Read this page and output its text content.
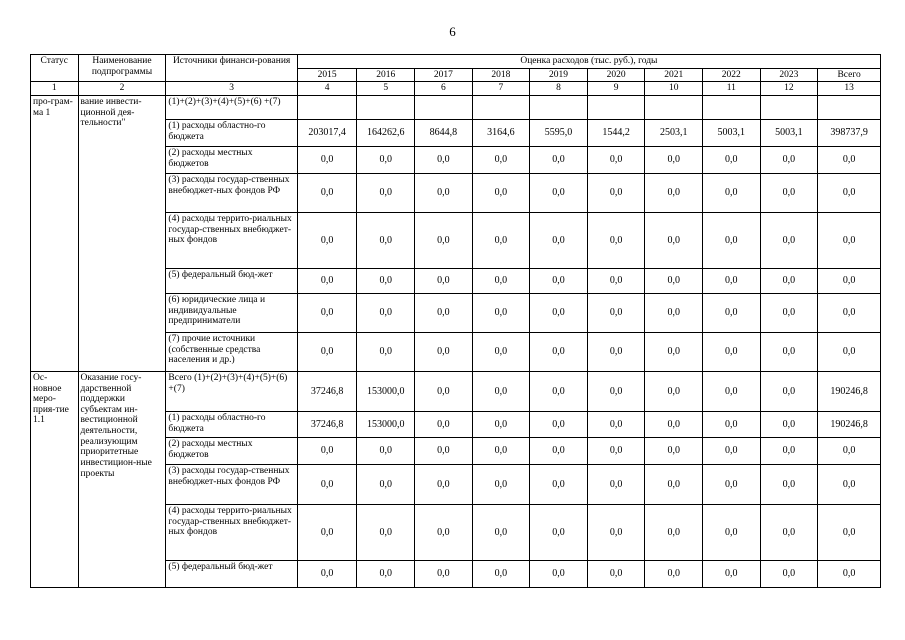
6
Статус	Наименование подпрограммы	Источники финанси-рования	Оценка расходов (тыс. руб.), годы									
			2015	2016	2017	2018	2019	2020	2021	2022	2023	Всего
1	2	3	4	5	6	7	8	9	10	11	12	13
про-грам-ма 1	вание инвести-ционной дея-тельности"	(1)+(2)+(3)+(4)+(5)+(6) +(7)										
		(1) расходы областно-го бюджета	203017,4	164262,6	8644,8	3164,6	5595,0	1544,2	2503,1	5003,1	5003,1	398737,9
		(2) расходы местных бюджетов	0,0	0,0	0,0	0,0	0,0	0,0	0,0	0,0	0,0	0,0
		(3) расходы государ-ственных внебюджет-ных фондов РФ	0,0	0,0	0,0	0,0	0,0	0,0	0,0	0,0	0,0	0,0
		(4) расходы террито-риальных государ-ственных внебюджет-ных фондов	0,0	0,0	0,0	0,0	0,0	0,0	0,0	0,0	0,0	0,0
		(5) федеральный бюд-жет	0,0	0,0	0,0	0,0	0,0	0,0	0,0	0,0	0,0	0,0
		(6) юридические лица и индивидуальные предприниматели	0,0	0,0	0,0	0,0	0,0	0,0	0,0	0,0	0,0	0,0
		(7) прочие источники (собственные средства населения и др.)	0,0	0,0	0,0	0,0	0,0	0,0	0,0	0,0	0,0	0,0
Ос-новное меро-прия-тие 1.1	Оказание госу-дарственной поддержки субъектам ин-вестиционной деятельности, реализующим приоритетные инвестицион-ные проекты	Всего (1)+(2)+(3)+(4)+(5)+(6) +(7)	37246,8	153000,0	0,0	0,0	0,0	0,0	0,0	0,0	0,0	190246,8
		(1) расходы областно-го бюджета	37246,8	153000,0	0,0	0,0	0,0	0,0	0,0	0,0	0,0	190246,8
		(2) расходы местных бюджетов	0,0	0,0	0,0	0,0	0,0	0,0	0,0	0,0	0,0	0,0
		(3) расходы государ-ственных внебюджет-ных фондов РФ	0,0	0,0	0,0	0,0	0,0	0,0	0,0	0,0	0,0	0,0
		(4) расходы террито-риальных государ-ственных внебюджет-ных фондов	0,0	0,0	0,0	0,0	0,0	0,0	0,0	0,0	0,0	0,0
		(5) федеральный бюд-жет	0,0	0,0	0,0	0,0	0,0	0,0	0,0	0,0	0,0	0,0
